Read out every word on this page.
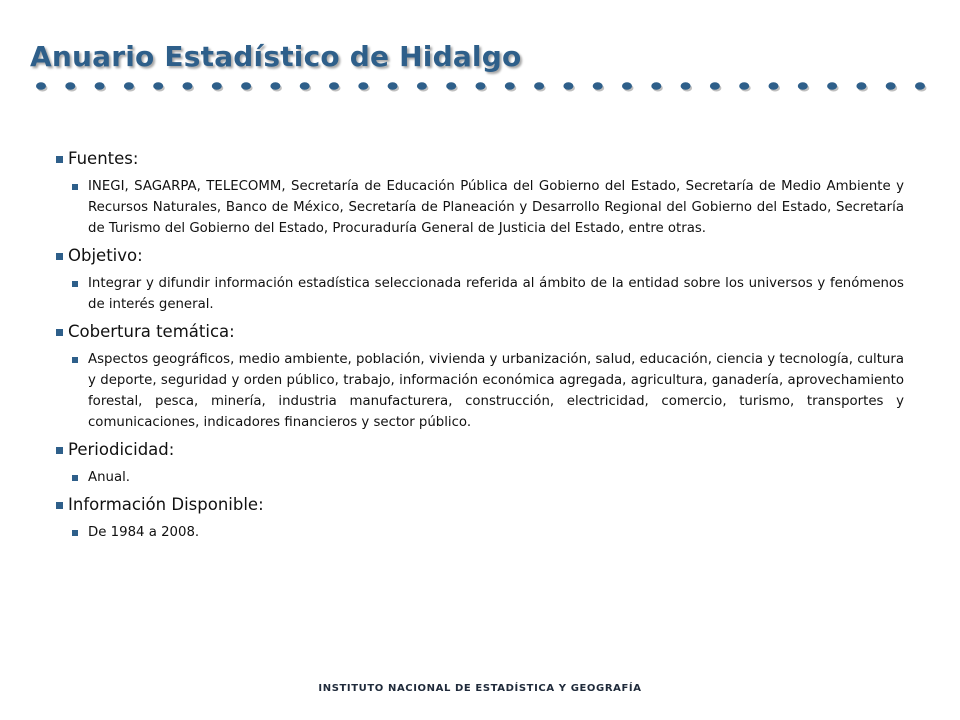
Anuario Estadístico de Hidalgo
Fuentes:
INEGI, SAGARPA, TELECOMM, Secretaría de Educación Pública del Gobierno del Estado, Secretaría de Medio Ambiente y Recursos Naturales, Banco de México, Secretaría de Planeación y Desarrollo Regional del Gobierno del Estado, Secretaría de Turismo del Gobierno del Estado, Procuraduría General de Justicia del Estado, entre otras.
Objetivo:
Integrar y difundir información estadística seleccionada referida al ámbito de la entidad sobre los universos y fenómenos de interés general.
Cobertura temática:
Aspectos geográficos, medio ambiente, población, vivienda y urbanización, salud, educación, ciencia y tecnología, cultura y deporte, seguridad y orden público, trabajo, información económica agregada, agricultura, ganadería, aprovechamiento forestal, pesca, minería, industria manufacturera, construcción, electricidad, comercio, turismo, transportes y comunicaciones, indicadores financieros y sector público.
Periodicidad:
Anual.
Información Disponible:
De 1984 a 2008.
INSTITUTO NACIONAL DE ESTADÍSTICA Y GEOGRAFÍA
